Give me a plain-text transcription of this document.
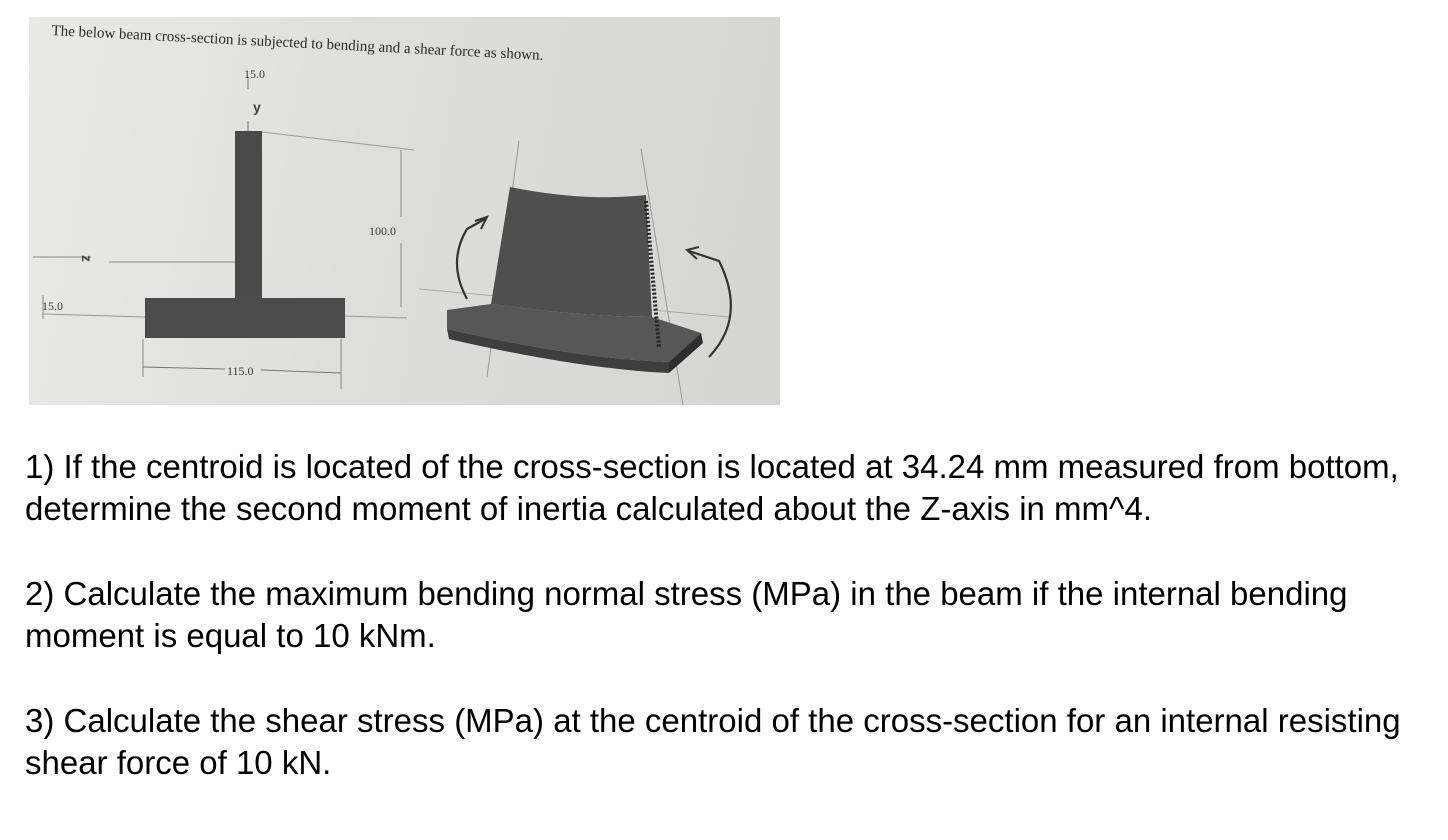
The below beam cross-section is subjected to bending and a shear force as shown.
15.0
y
100.0
z
15.0
115.0

1) If the centroid is located of the cross-section is located at 34.24 mm measured from bottom, determine the second moment of inertia calculated about the Z-axis in mm^4.

2) Calculate the maximum bending normal stress (MPa) in the beam if the internal bending moment is equal to 10 kNm.

3) Calculate the shear stress (MPa) at the centroid of the cross-section for an internal resisting shear force of 10 kN.
